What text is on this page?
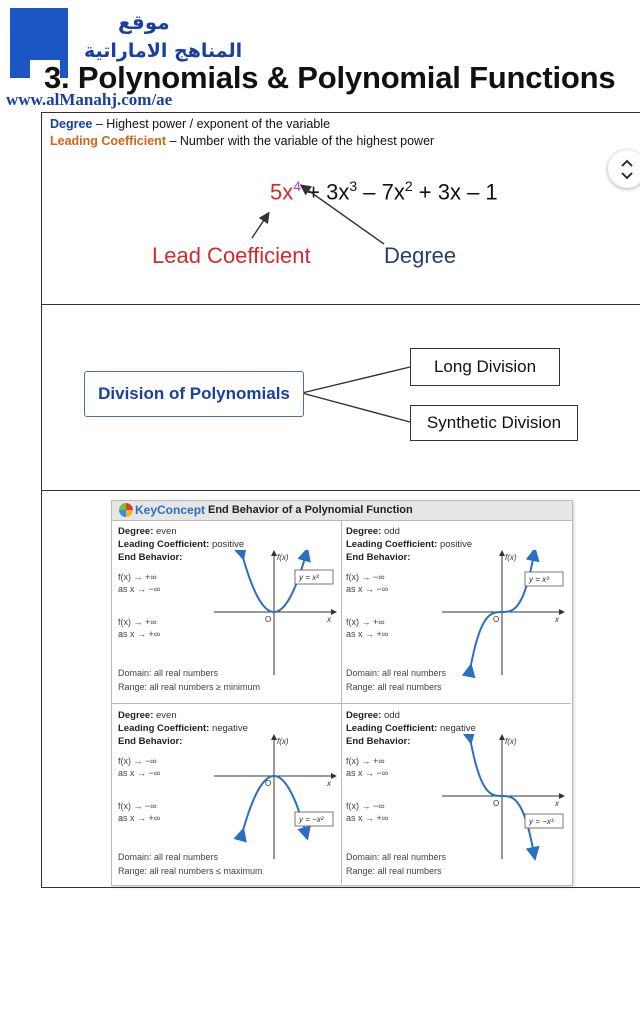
موقع
المناهج الاماراتية
3. Polynomials & Polynomial Functions
www.alManahj.com/ae
Degree – Highest power / exponent of the variable
Leading Coefficient – Number with the variable of the highest power
$5x^4 + 3x^3 - 7x^2 + 3x - 1$
Lead Coefficient	Degree
Division of Polynomials
Long Division
Synthetic Division
KeyConcept End Behavior of a Polynomial Function
Degree: even
Leading Coefficient: positive
End Behavior:
f(x) → +∞
as x → −∞
f(x) → +∞
as x → +∞
Domain: all real numbers
Range: all real numbers ≥ minimum
f(x)
x
O
y = x²
Degree: odd
Leading Coefficient: positive
End Behavior:
f(x) → −∞
as x → −∞
f(x) → +∞
as x → +∞
Domain: all real numbers
Range: all real numbers
f(x)
x
O
y = x³
Degree: even
Leading Coefficient: negative
End Behavior:
f(x) → −∞
as x → −∞
f(x) → −∞
as x → +∞
Domain: all real numbers
Range: all real numbers ≤ maximum
f(x)
x
O
y = −x²
Degree: odd
Leading Coefficient: negative
End Behavior:
f(x) → +∞
as x → −∞
f(x) → −∞
as x → +∞
Domain: all real numbers
Range: all real numbers
f(x)
x
O
y = −x³
